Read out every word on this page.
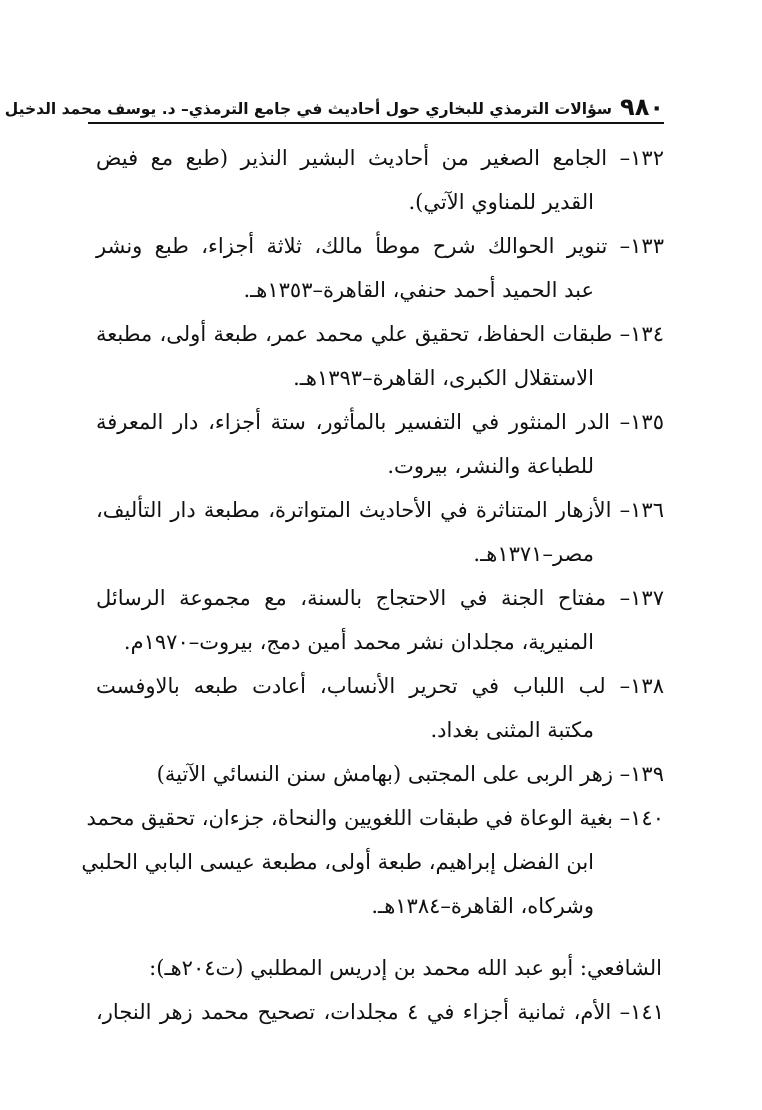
٩٨٠
سؤالات الترمذي للبخاري حول أحاديث في جامع الترمذي– د. يوسف محمد الدخيل
١٣٢– الجامع الصغير من أحاديث البشير النذير (طبع مع فيض
القدير للمناوي الآتي).
١٣٣– تنوير الحوالك شرح موطأ مالك، ثلاثة أجزاء، طبع ونشر
عبد الحميد أحمد حنفي، القاهرة–١٣٥٣هـ.
١٣٤– طبقات الحفاظ، تحقيق علي محمد عمر، طبعة أولى، مطبعة
الاستقلال الكبرى، القاهرة–١٣٩٣هـ.
١٣٥– الدر المنثور في التفسير بالمأثور، ستة أجزاء، دار المعرفة
للطباعة والنشر، بيروت.
١٣٦– الأزهار المتناثرة في الأحاديث المتواترة، مطبعة دار التأليف،
مصر–١٣٧١هـ.
١٣٧– مفتاح الجنة في الاحتجاج بالسنة، مع مجموعة الرسائل
المنيرية، مجلدان نشر محمد أمين دمج، بيروت–١٩٧٠م.
١٣٨– لب اللباب في تحرير الأنساب، أعادت طبعه بالاوفست
مكتبة المثنى بغداد.
١٣٩– زهر الربى على المجتبى (بهامش سنن النسائي الآتية)
١٤٠– بغية الوعاة في طبقات اللغويين والنحاة، جزءان، تحقيق محمد
ابن الفضل إبراهيم، طبعة أولى، مطبعة عيسى البابي الحلبي
وشركاه، القاهرة–١٣٨٤هـ.
الشافعي: أبو عبد الله محمد بن إدريس المطلبي (ت٢٠٤هـ):
١٤١– الأم، ثمانية أجزاء في ٤ مجلدات، تصحيح محمد زهر النجار،
